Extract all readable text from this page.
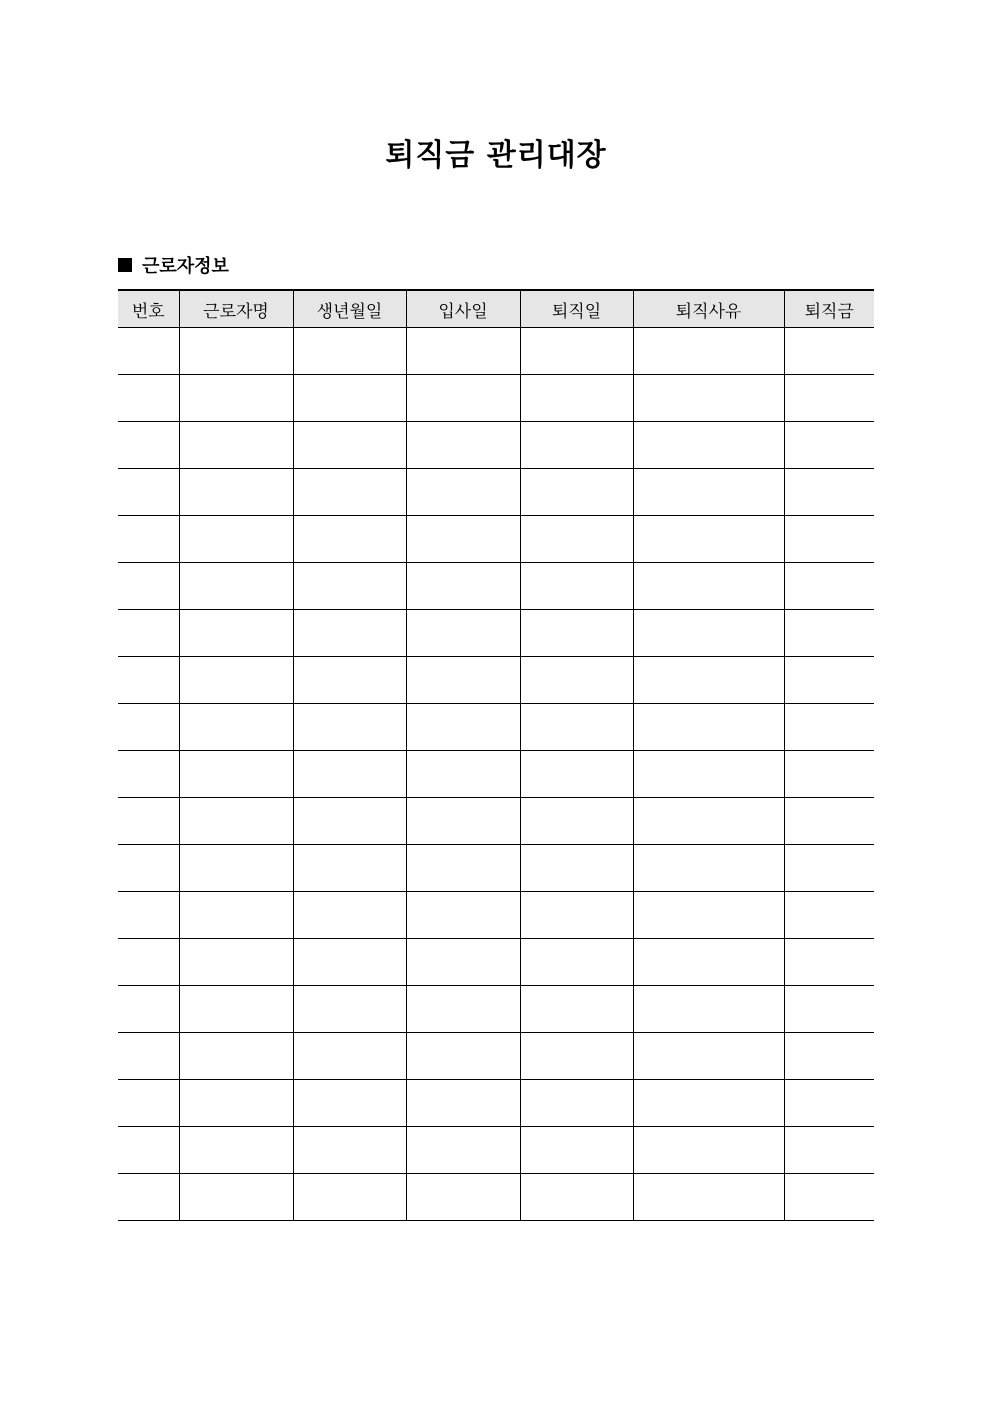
퇴직금 관리대장
근로자정보
번호	근로자명	생년월일	입사일	퇴직일	퇴직사유	퇴직금
